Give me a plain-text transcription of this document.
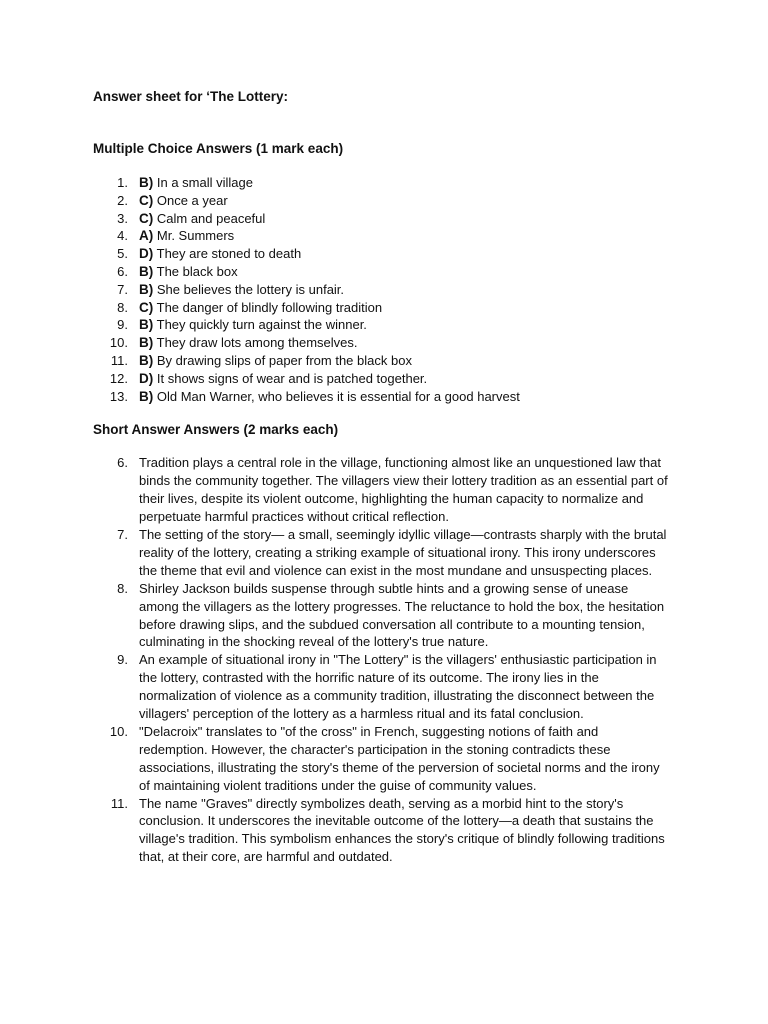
Answer sheet for ‘The Lottery:

Multiple Choice Answers (1 mark each)

1. B) In a small village
2. C) Once a year
3. C) Calm and peaceful
4. A) Mr. Summers
5. D) They are stoned to death
6. B) The black box
7. B) She believes the lottery is unfair.
8. C) The danger of blindly following tradition
9. B) They quickly turn against the winner.
10. B) They draw lots among themselves.
11. B) By drawing slips of paper from the black box
12. D) It shows signs of wear and is patched together.
13. B) Old Man Warner, who believes it is essential for a good harvest

Short Answer Answers (2 marks each)

6. Tradition plays a central role in the village, functioning almost like an unquestioned law that binds the community together. The villagers view their lottery tradition as an essential part of their lives, despite its violent outcome, highlighting the human capacity to normalize and perpetuate harmful practices without critical reflection.
7. The setting of the story— a small, seemingly idyllic village—contrasts sharply with the brutal reality of the lottery, creating a striking example of situational irony. This irony underscores the theme that evil and violence can exist in the most mundane and unsuspecting places.
8. Shirley Jackson builds suspense through subtle hints and a growing sense of unease among the villagers as the lottery progresses. The reluctance to hold the box, the hesitation before drawing slips, and the subdued conversation all contribute to a mounting tension, culminating in the shocking reveal of the lottery's true nature.
9. An example of situational irony in "The Lottery" is the villagers' enthusiastic participation in the lottery, contrasted with the horrific nature of its outcome. The irony lies in the normalization of violence as a community tradition, illustrating the disconnect between the villagers' perception of the lottery as a harmless ritual and its fatal conclusion.
10. "Delacroix" translates to "of the cross" in French, suggesting notions of faith and redemption. However, the character's participation in the stoning contradicts these associations, illustrating the story's theme of the perversion of societal norms and the irony of maintaining violent traditions under the guise of community values.
11. The name "Graves" directly symbolizes death, serving as a morbid hint to the story's conclusion. It underscores the inevitable outcome of the lottery—a death that sustains the village's tradition. This symbolism enhances the story's critique of blindly following traditions that, at their core, are harmful and outdated.
